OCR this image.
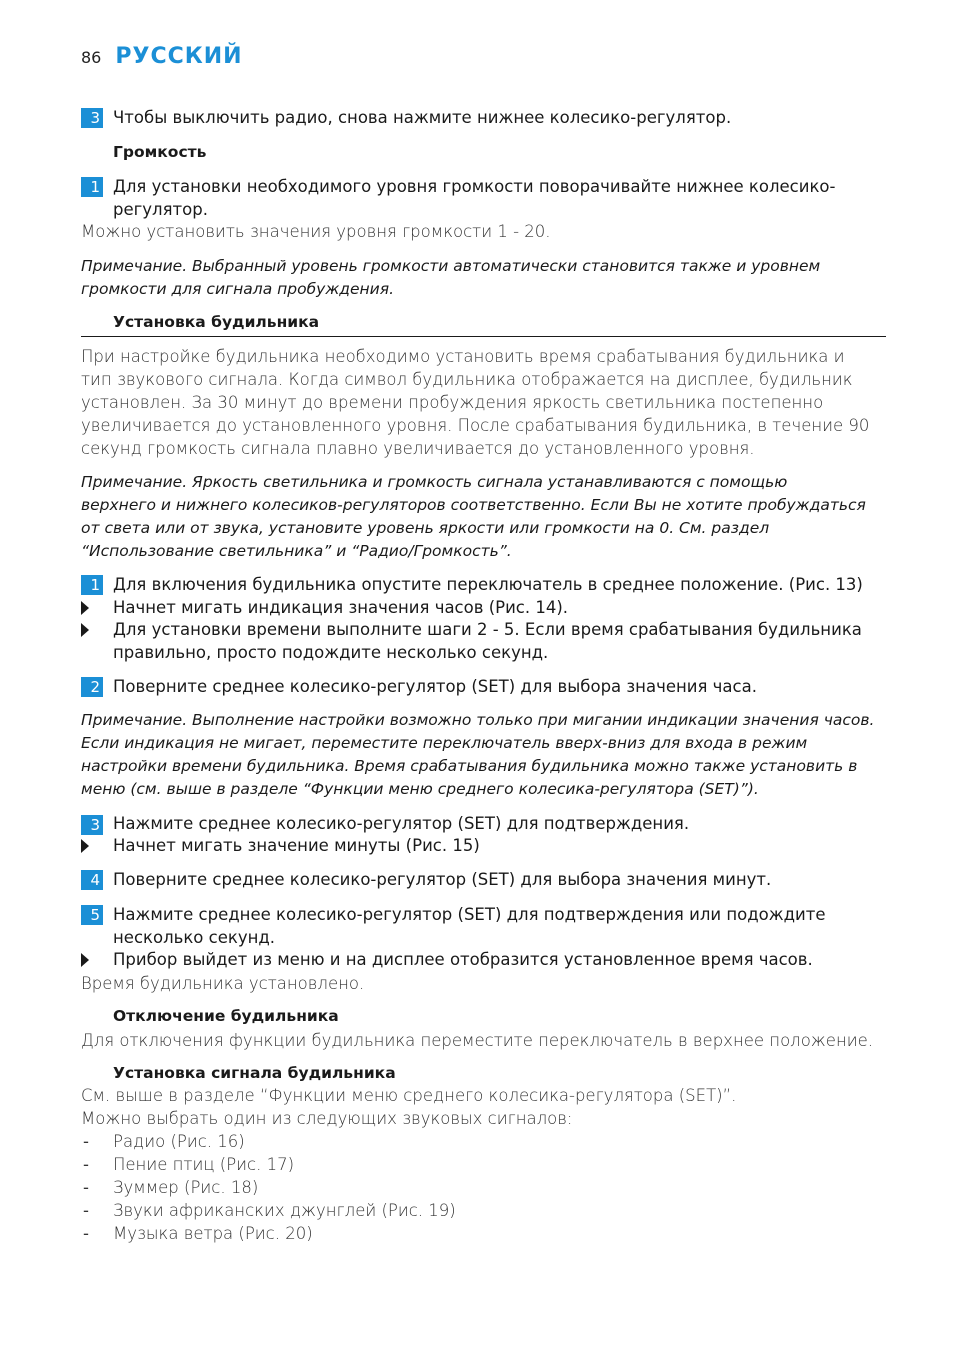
86 РУССКИЙ
3 Чтобы выключить радио, снова нажмите нижнее колесико-регулятор.
Громкость
1 Для установки необходимого уровня громкости поворачивайте нижнее колесико-
регулятор.
Можно установить значения уровня громкости 1 - 20.
Примечание. Выбранный уровень громкости автоматически становится также и уровнем
громкости для сигнала пробуждения.
Установка будильника
При настройке будильника необходимо установить время срабатывания будильника и
тип звукового сигнала. Когда символ будильника отображается на дисплее, будильник
установлен. За 30 минут до времени пробуждения яркость светильника постепенно
увеличивается до установленного уровня. После срабатывания будильника, в течение 90
секунд громкость сигнала плавно увеличивается до установленного уровня.
Примечание. Яркость светильника и громкость сигнала устанавливаются с помощью
верхнего и нижнего колесиков-регуляторов соответственно. Если Вы не хотите пробуждаться
от света или от звука, установите уровень яркости или громкости на 0. См. раздел
“Использование светильника” и “Радио/Громкость”.
1 Для включения будильника опустите переключатель в среднее положение. (Рис. 13)
Начнет мигать индикация значения часов (Рис. 14).
Для установки времени выполните шаги 2 - 5. Если время срабатывания будильника
правильно, просто подождите несколько секунд.
2 Поверните среднее колесико-регулятор (SET) для выбора значения часа.
Примечание. Выполнение настройки возможно только при мигании индикации значения часов.
Если индикация не мигает, переместите переключатель вверх-вниз для входа в режим
настройки времени будильника. Время срабатывания будильника можно также установить в
меню (см. выше в разделе “Функции меню среднего колесика-регулятора (SET)”).
3 Нажмите среднее колесико-регулятор (SET) для подтверждения.
Начнет мигать значение минуты (Рис. 15)
4 Поверните среднее колесико-регулятор (SET) для выбора значения минут.
5 Нажмите среднее колесико-регулятор (SET) для подтверждения или подождите
несколько секунд.
Прибор выйдет из меню и на дисплее отобразится установленное время часов.
Время будильника установлено.
Отключение будильника
Для отключения функции будильника переместите переключатель в верхнее положение.
Установка сигнала будильника
См. выше в разделе “Функции меню среднего колесика-регулятора (SET)”.
Можно выбрать один из следующих звуковых сигналов:
- Радио (Рис. 16)
- Пение птиц (Рис. 17)
- Зуммер (Рис. 18)
- Звуки африканских джунглей (Рис. 19)
- Музыка ветра (Рис. 20)
